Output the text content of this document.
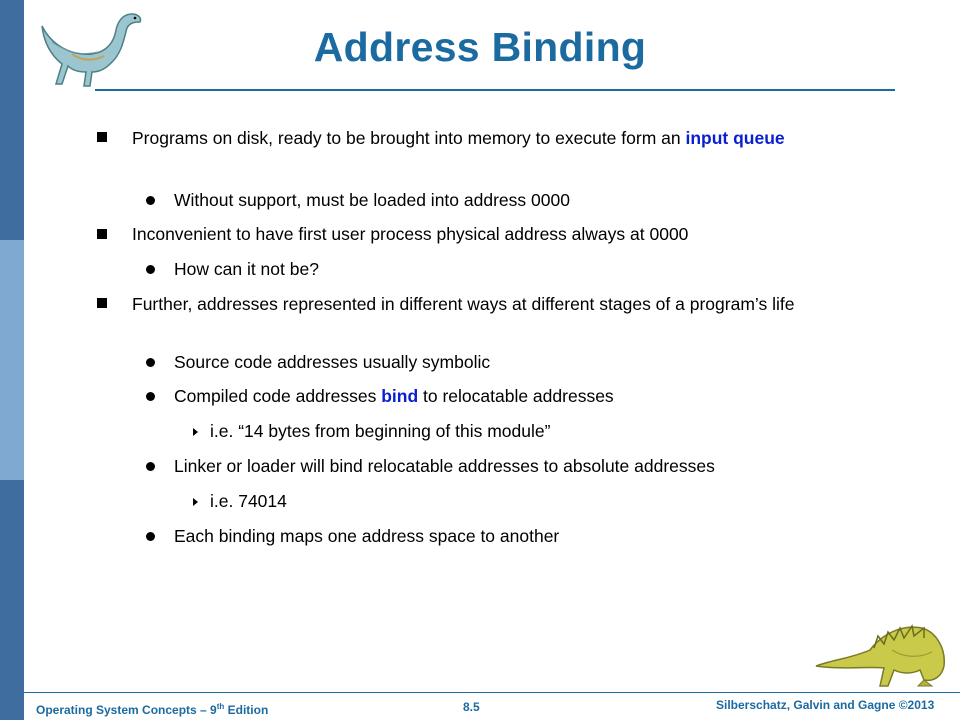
Address Binding
Programs on disk, ready to be brought into memory to execute form an input queue
Without support, must be loaded into address 0000
Inconvenient to have first user process physical address always at 0000
How can it not be?
Further, addresses represented in different ways at different stages of a program’s life
Source code addresses usually symbolic
Compiled code addresses bind to relocatable addresses
i.e. “14 bytes from beginning of this module”
Linker or loader will bind relocatable addresses to absolute addresses
i.e. 74014
Each binding maps one address space to another
Operating System Concepts – 9th Edition	8.5	Silberschatz, Galvin and Gagne ©2013
